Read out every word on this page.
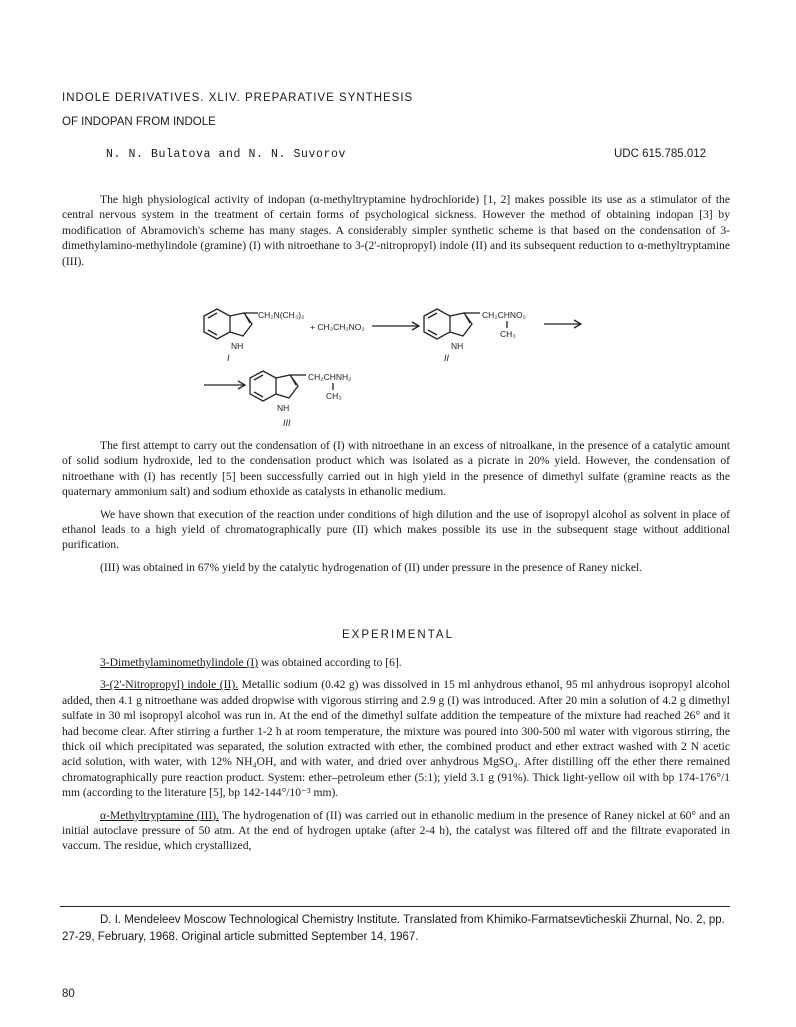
INDOLE DERIVATIVES. XLIV. PREPARATIVE SYNTHESIS
OF INDOPAN FROM INDOLE
N. N. Bulatova and N. N. Suvorov	UDC 615.785.012

The high physiological activity of indopan (α-methyltryptamine hydrochloride) [1, 2] makes possible its use as a stimulator of the central nervous system in the treatment of certain forms of psychological sickness. However the method of obtaining indopan [3] by modification of Abramovich's scheme has many stages. A considerably simpler synthetic scheme is that based on the condensation of 3-dimethylamino-methylindole (gramine) (I) with nitroethane to 3-(2'-nitropropyl) indole (II) and its subsequent reduction to α-methyltryptamine (III).

CH₂N(CH₃)₂
NH
I
+ CH₃CH₂NO₂
CH₂CHNO₂
CH₃
NH
II
CH₂CHNH₂
CH₃
NH
III

The first attempt to carry out the condensation of (I) with nitroethane in an excess of nitroalkane, in the presence of a catalytic amount of solid sodium hydroxide, led to the condensation product which was isolated as a picrate in 20% yield. However, the condensation of nitroethane with (I) has recently [5] been successfully carried out in high yield in the presence of dimethyl sulfate (gramine reacts as the quaternary ammonium salt) and sodium ethoxide as catalysts in ethanolic medium.

We have shown that execution of the reaction under conditions of high dilution and the use of isopropyl alcohol as solvent in place of ethanol leads to a high yield of chromatographically pure (II) which makes possible its use in the subsequent stage without additional purification.

(III) was obtained in 67% yield by the catalytic hydrogenation of (II) under pressure in the presence of Raney nickel.

EXPERIMENTAL

3-Dimethylaminomethylindole (I) was obtained according to [6].

3-(2'-Nitropropyl) indole (II). Metallic sodium (0.42 g) was dissolved in 15 ml anhydrous ethanol, 95 ml anhydrous isopropyl alcohol added, then 4.1 g nitroethane was added dropwise with vigorous stirring and 2.9 g (I) was introduced. After 20 min a solution of 4.2 g dimethyl sulfate in 30 ml isopropyl alcohol was run in. At the end of the dimethyl sulfate addition the tempeature of the mixture had reached 26° and it had become clear. After stirring a further 1-2 h at room temperature, the mixture was poured into 300-500 ml water with vigorous stirring, the thick oil which precipitated was separated, the solution extracted with ether, the combined product and ether extract washed with 2 N acetic acid solution, with water, with 12% NH₄OH, and with water, and dried over anhydrous MgSO₄. After distilling off the ether there remained chromatographically pure reaction product. System: ether–petroleum ether (5:1); yield 3.1 g (91%). Thick light-yellow oil with bp 174-176°/1 mm (according to the literature [5], bp 142-144°/10⁻³ mm).

α-Methyltryptamine (III). The hydrogenation of (II) was carried out in ethanolic medium in the presence of Raney nickel at 60° and an initial autoclave pressure of 50 atm. At the end of hydrogen uptake (after 2-4 h), the catalyst was filtered off and the filtrate evaporated in vaccum. The residue, which crystallized,

D. I. Mendeleev Moscow Technological Chemistry Institute. Translated from Khimiko-Farmatsevticheskii Zhurnal, No. 2, pp. 27-29, February, 1968. Original article submitted September 14, 1967.

80
